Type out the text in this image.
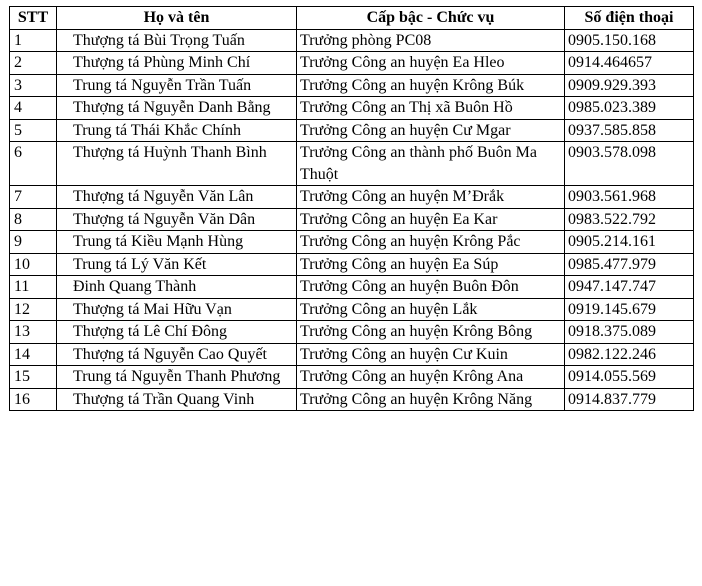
STT	Họ và tên	Cấp bậc - Chức vụ	Số điện thoại
1	Thượng tá Bùi Trọng Tuấn	Trưởng phòng PC08	0905.150.168
2	Thượng tá Phùng Minh Chí	Trưởng Công an huyện Ea Hleo	0914.464657
3	Trung tá Nguyễn Trần Tuấn	Trưởng Công an huyện Krông Búk	0909.929.393
4	Thượng tá Nguyễn Danh Bằng	Trưởng Công an Thị xã Buôn Hồ	0985.023.389
5	Trung tá Thái Khắc Chính	Trưởng Công an huyện Cư Mgar	0937.585.858
6	Thượng tá Huỳnh Thanh Bình	Trưởng Công an thành phố Buôn Ma Thuột	0903.578.098
7	Thượng tá Nguyễn Văn Lân	Trưởng Công an huyện M’Đrắk	0903.561.968
8	Thượng tá Nguyễn Văn Dân	Trưởng Công an huyện Ea Kar	0983.522.792
9	Trung tá Kiều Mạnh Hùng	Trưởng Công an huyện Krông Pắc	0905.214.161
10	Trung tá Lý Văn Kết	Trưởng Công an huyện Ea Súp	0985.477.979
11	Đinh Quang Thành	Trưởng Công an huyện Buôn Đôn	0947.147.747
12	Thượng tá Mai Hữu Vạn	Trưởng Công an huyện Lắk	0919.145.679
13	Thượng tá Lê Chí Đông	Trưởng Công an huyện Krông Bông	0918.375.089
14	Thượng tá Nguyễn Cao Quyết	Trưởng Công an huyện Cư Kuin	0982.122.246
15	Trung tá Nguyễn Thanh Phương	Trưởng Công an huyện Krông Ana	0914.055.569
16	Thượng tá Trần Quang Vinh	Trưởng Công an huyện Krông Năng	0914.837.779
